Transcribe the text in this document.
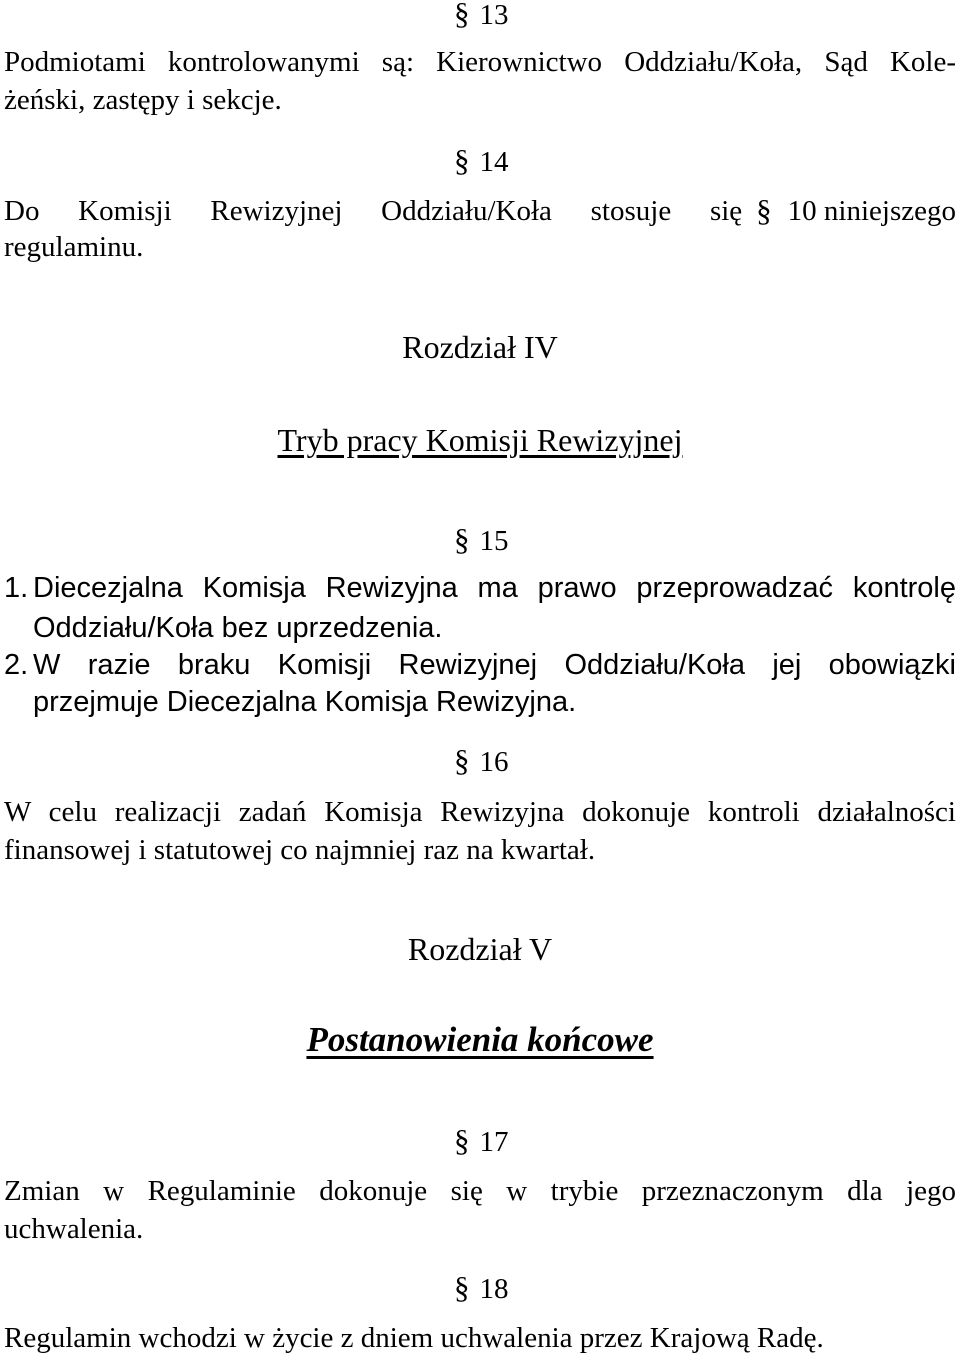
§ 13
Podmiotami kontrolowanymi są: Kierownictwo Oddziału/Koła, Sąd Kole-
żeński, zastępy i sekcje.
§ 14
Do Komisji Rewizyjnej Oddziału/Koła stosuje się § 10 niniejszego
regulaminu.
Rozdział IV
Tryb pracy Komisji Rewizyjnej
§ 15
1. Diecezjalna Komisja Rewizyjna ma prawo przeprowadzać kontrolę
Oddziału/Koła bez uprzedzenia.
2. W razie braku Komisji Rewizyjnej Oddziału/Koła jej obowiązki
przejmuje Diecezjalna Komisja Rewizyjna.
§ 16
W celu realizacji zadań Komisja Rewizyjna dokonuje kontroli działalności
finansowej i statutowej co najmniej raz na kwartał.
Rozdział V
Postanowienia końcowe
§ 17
Zmian w Regulaminie dokonuje się w trybie przeznaczonym dla jego
uchwalenia.
§ 18
Regulamin wchodzi w życie z dniem uchwalenia przez Krajową Radę.
